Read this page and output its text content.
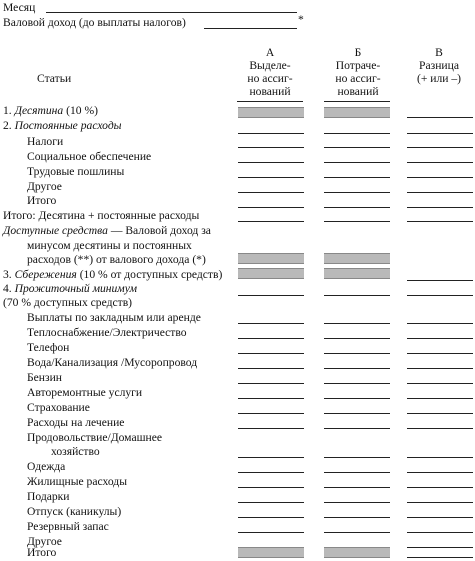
Месяц
Валовой доход (до выплаты налогов)	*
Статьи
А
Выделе-
но ассиг-
нований
Б
Потраче-
но ассиг-
нований
В
Разница
(+ или –)
1. Десятина (10 %)
2. Постоянные расходы
Налоги
Социальное обеспечение
Трудовые пошлины
Другое
Итого
Итого: Десятина + постоянные расходы
Доступные средства — Валовой доход за
минусом десятины и постоянных
расходов (**) от валового дохода (*)
3. Сбережения (10 % от доступных средств)
4. Прожиточный минимум
(70 % доступных средств)
Выплаты по закладным или аренде
Теплоснабжение/Электричество
Телефон
Вода/Канализация /Мусоропровод
Бензин
Авторемонтные услуги
Страхование
Расходы на лечение
Продовольствие/Домашнее
хозяйство
Одежда
Жилищные расходы
Подарки
Отпуск (каникулы)
Резервный запас
Другое
Итого
